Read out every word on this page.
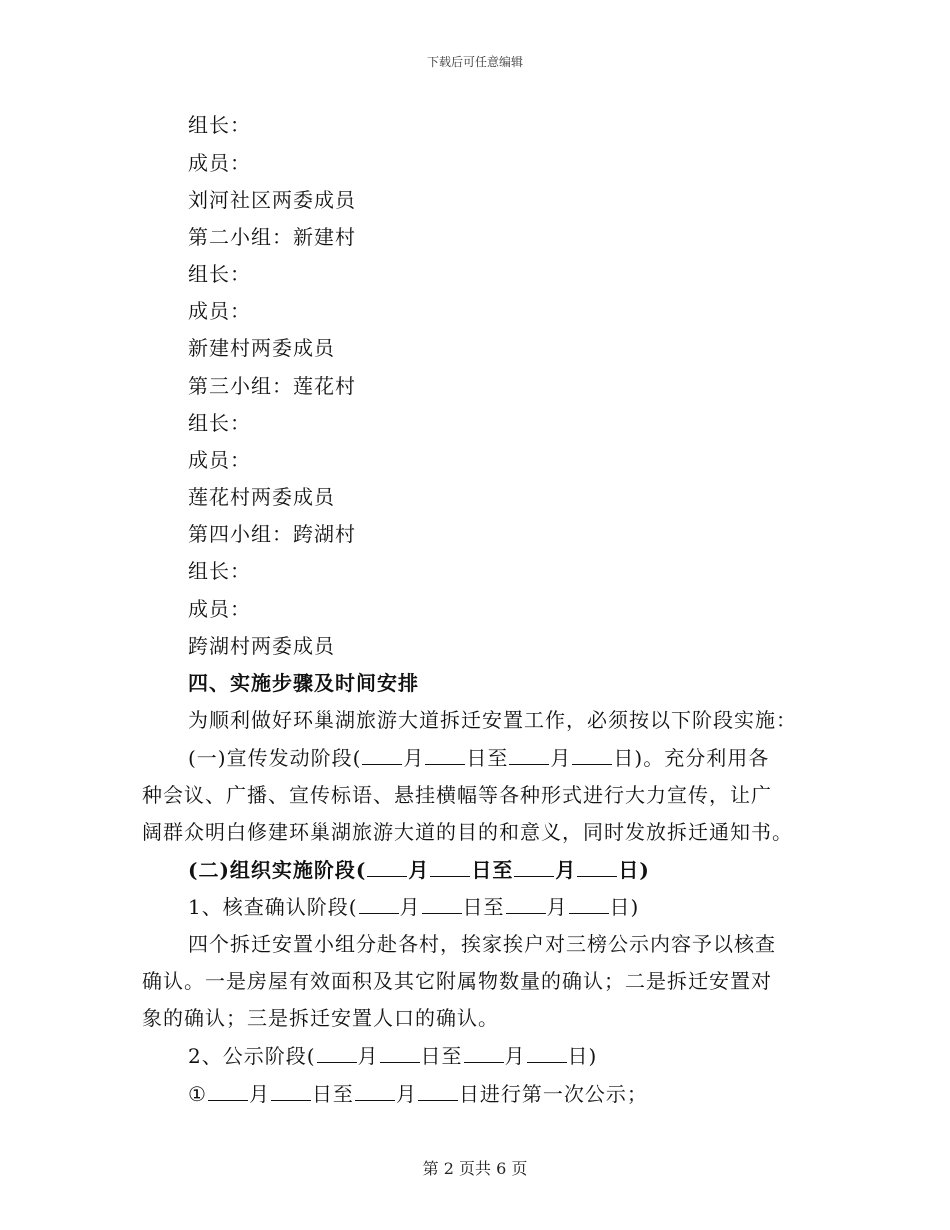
下载后可任意编辑
组长：
成员：
刘河社区两委成员
第二小组：新建村
组长：
成员：
新建村两委成员
第三小组：莲花村
组长：
成员：
莲花村两委成员
第四小组：跨湖村
组长：
成员：
跨湖村两委成员
四、实施步骤及时间安排
为顺利做好环巢湖旅游大道拆迁安置工作，必须按以下阶段实施：
(一)宣传发动阶段( 月 日至 月 日)。充分利用各
种会议、广播、宣传标语、悬挂横幅等各种形式进行大力宣传，让广
阔群众明白修建环巢湖旅游大道的目的和意义，同时发放拆迁通知书。
(二)组织实施阶段( 月 日至 月 日)
1、核查确认阶段( 月 日至 月 日)
四个拆迁安置小组分赴各村，挨家挨户对三榜公示内容予以核查
确认。一是房屋有效面积及其它附属物数量的确认；二是拆迁安置对
象的确认；三是拆迁安置人口的确认。
2、公示阶段( 月 日至 月 日)
① 月 日至 月 日进行第一次公示；
第 2 页共 6 页
